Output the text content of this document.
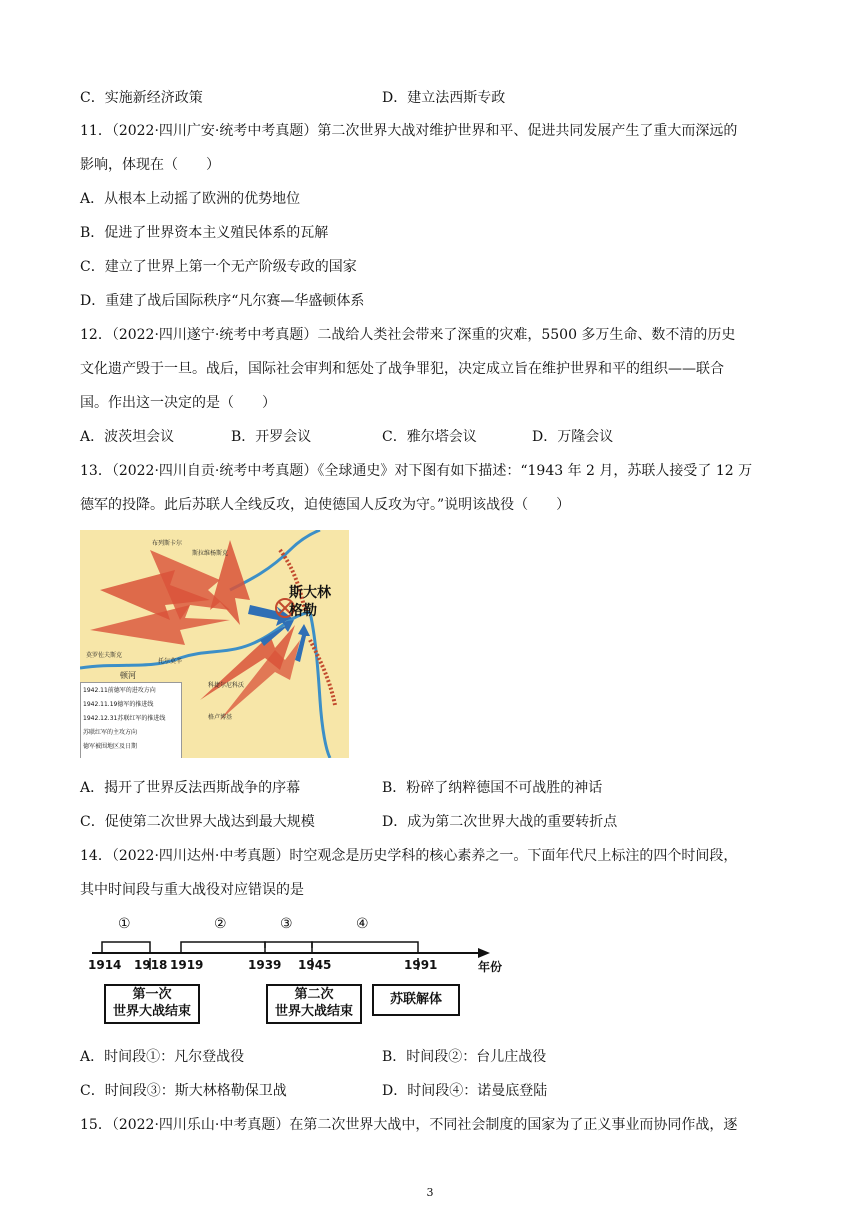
C．实施新经济政策	D．建立法西斯专政
11．（2022·四川广安·统考中考真题）第二次世界大战对维护世界和平、促进共同发展产生了重大而深远的
影响，体现在（　　）
A．从根本上动摇了欧洲的优势地位
B．促进了世界资本主义殖民体系的瓦解
C．建立了世界上第一个无产阶级专政的国家
D．重建了战后国际秩序“凡尔赛—华盛顿体系
12．（2022·四川遂宁·统考中考真题）二战给人类社会带来了深重的灾难，5500 多万生命、数不清的历史
文化遗产毁于一旦。战后，国际社会审判和惩处了战争罪犯，决定成立旨在维护世界和平的组织——联合
国。作出这一决定的是（　　）
A．波茨坦会议	B．开罗会议	C．雅尔塔会议	D．万隆会议
13．（2022·四川自贡·统考中考真题）《全球通史》对下图有如下描述：“1943 年 2 月，苏联人接受了 12 万
德军的投降。此后苏联人全线反攻，迫使德国人反攻为守。”说明该战役（　　）
斯大林
格勒
布列斯卡尔
斯拉维杨斯克
莫罗佐夫斯克
托尔莫辛
科捷尔尼科沃
格卢博基
顿河
1942.11前德军的进攻方向
1942.11.19德军的推进线
1942.12.31苏联红军的推进线
苏联红军的主攻方向
德军被围地区及日期
A．揭开了世界反法西斯战争的序幕	B．粉碎了纳粹德国不可战胜的神话
C．促使第二次世界大战达到最大规模	D．成为第二次世界大战的重要转折点
14．（2022·四川达州·中考真题）时空观念是历史学科的核心素养之一。下面年代尺上标注的四个时间段，
其中时间段与重大战役对应错误的是
①	②	③	④
1914 1918 1919	1939 1945	1991	年份
第一次
世界大战结束
第二次
世界大战结束
苏联解体
A．时间段①：凡尔登战役	B．时间段②：台儿庄战役
C．时间段③：斯大林格勒保卫战	D．时间段④：诺曼底登陆
15．（2022·四川乐山·中考真题）在第二次世界大战中，不同社会制度的国家为了正义事业而协同作战，逐
3
